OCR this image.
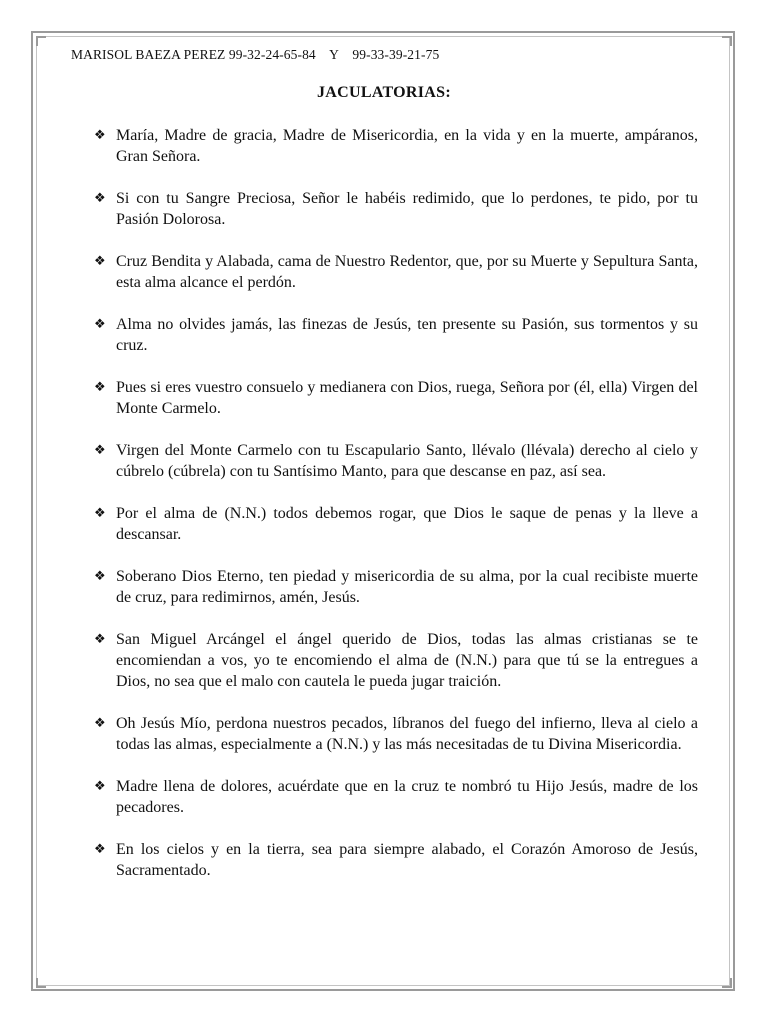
MARISOL BAEZA PEREZ 99-32-24-65-84    Y    99-33-39-21-75
JACULATORIAS:
❖ María, Madre de gracia, Madre de Misericordia, en la vida y en la muerte, ampáranos, Gran Señora.
❖ Si con tu Sangre Preciosa, Señor le habéis redimido, que lo perdones, te pido, por tu Pasión Dolorosa.
❖ Cruz Bendita y Alabada, cama de Nuestro Redentor, que, por su Muerte y Sepultura Santa, esta alma alcance el perdón.
❖ Alma no olvides jamás, las finezas de Jesús, ten presente su Pasión, sus tormentos y su cruz.
❖ Pues si eres vuestro consuelo y medianera con Dios, ruega, Señora por (él, ella) Virgen del Monte Carmelo.
❖ Virgen del Monte Carmelo con tu Escapulario Santo, llévalo (llévala) derecho al cielo y cúbrelo (cúbrela) con tu Santísimo Manto, para que descanse en paz, así sea.
❖ Por el alma de (N.N.) todos debemos rogar, que Dios le saque de penas y la lleve a descansar.
❖ Soberano Dios Eterno, ten piedad y misericordia de su alma, por la cual recibiste muerte de cruz, para redimirnos, amén, Jesús.
❖ San Miguel Arcángel el ángel querido de Dios, todas las almas cristianas se te encomiendan a vos, yo te encomiendo el alma de (N.N.) para que tú se la entregues a Dios, no sea que el malo con cautela le pueda jugar traición.
❖ Oh Jesús Mío, perdona nuestros pecados, líbranos del fuego del infierno, lleva al cielo a todas las almas, especialmente a (N.N.) y las más necesitadas de tu Divina Misericordia.
❖ Madre llena de dolores, acuérdate que en la cruz te nombró tu Hijo Jesús, madre de los pecadores.
❖ En los cielos y en la tierra, sea para siempre alabado, el Corazón Amoroso de Jesús, Sacramentado.
